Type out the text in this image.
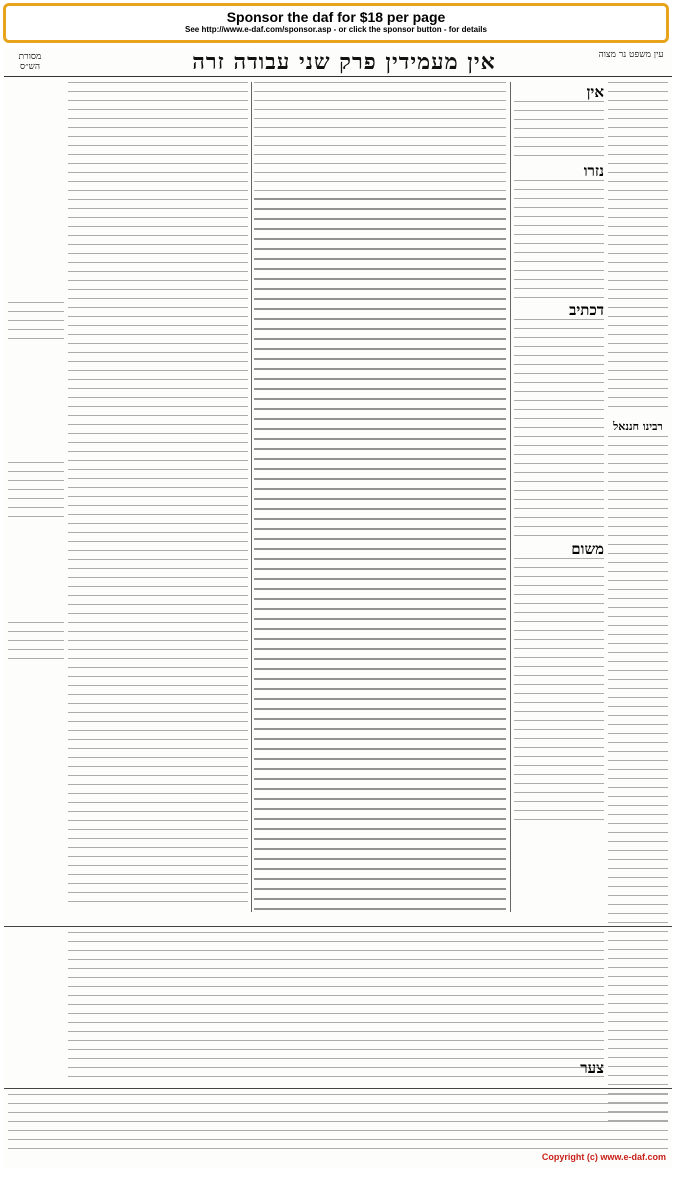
Sponsor the daf for $18 per page
See http://www.e-daf.com/sponsor.asp - or click the sponsor button - for details
מסורת הש״ס	אין מעמידין פרק שני עבודה זרה	עין משפט נר מצוה
אין
נזרו
דכתיב
משום
רבינו חננאל
צער
Copyright (c) www.e-daf.com
